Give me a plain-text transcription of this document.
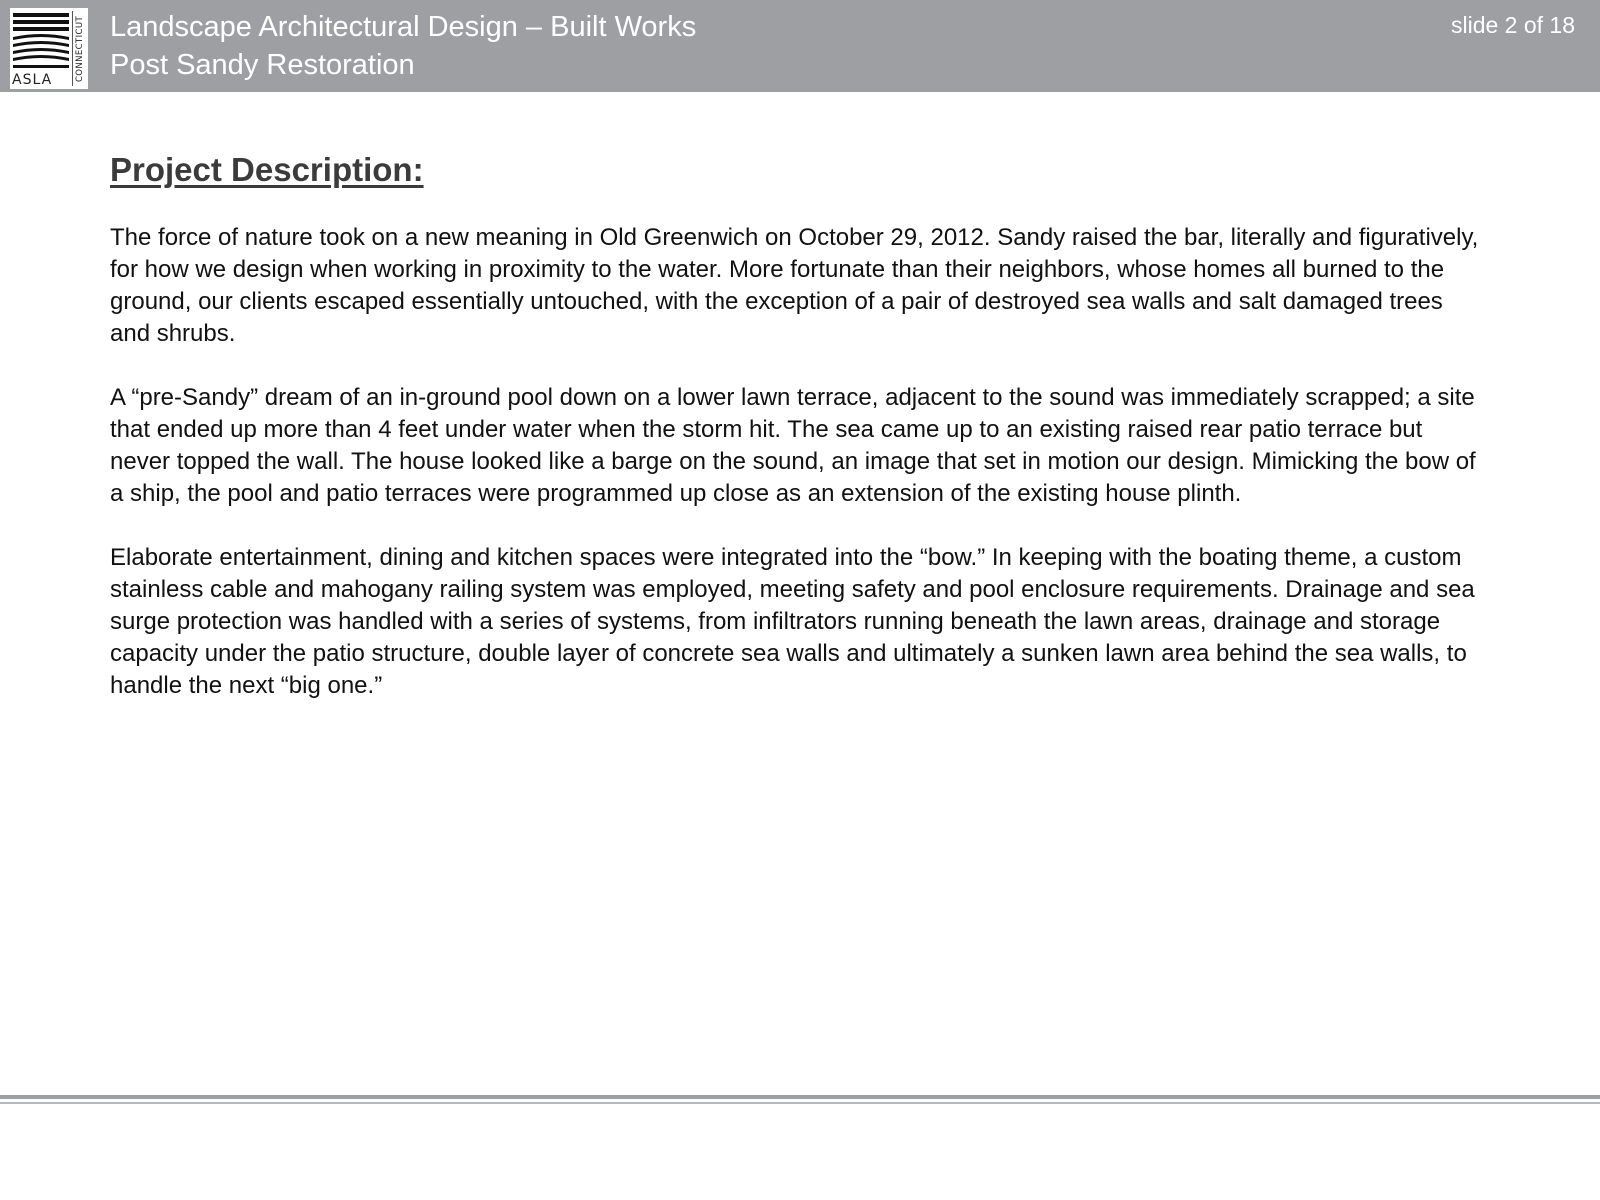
ASLA	CONNECTICUT Landscape Architectural Design – Built Works
Post Sandy Restoration
slide 2 of 18
Project Description:

The force of nature took on a new meaning in Old Greenwich on October 29, 2012. Sandy raised the bar, literally and figuratively, for how we design when working in proximity to the water. More fortunate than their neighbors, whose homes all burned to the ground, our clients escaped essentially untouched, with the exception of a pair of destroyed sea walls and salt damaged trees and shrubs.

A “pre-Sandy” dream of an in-ground pool down on a lower lawn terrace, adjacent to the sound was immediately scrapped; a site that ended up more than 4 feet under water when the storm hit. The sea came up to an existing raised rear patio terrace but never topped the wall. The house looked like a barge on the sound, an image that set in motion our design. Mimicking the bow of a ship, the pool and patio terraces were programmed up close as an extension of the existing house plinth.

Elaborate entertainment, dining and kitchen spaces were integrated into the “bow.” In keeping with the boating theme, a custom stainless cable and mahogany railing system was employed, meeting safety and pool enclosure requirements. Drainage and sea surge protection was handled with a series of systems, from infiltrators running beneath the lawn areas, drainage and storage capacity under the patio structure, double layer of concrete sea walls and ultimately a sunken lawn area behind the sea walls, to handle the next “big one.”
